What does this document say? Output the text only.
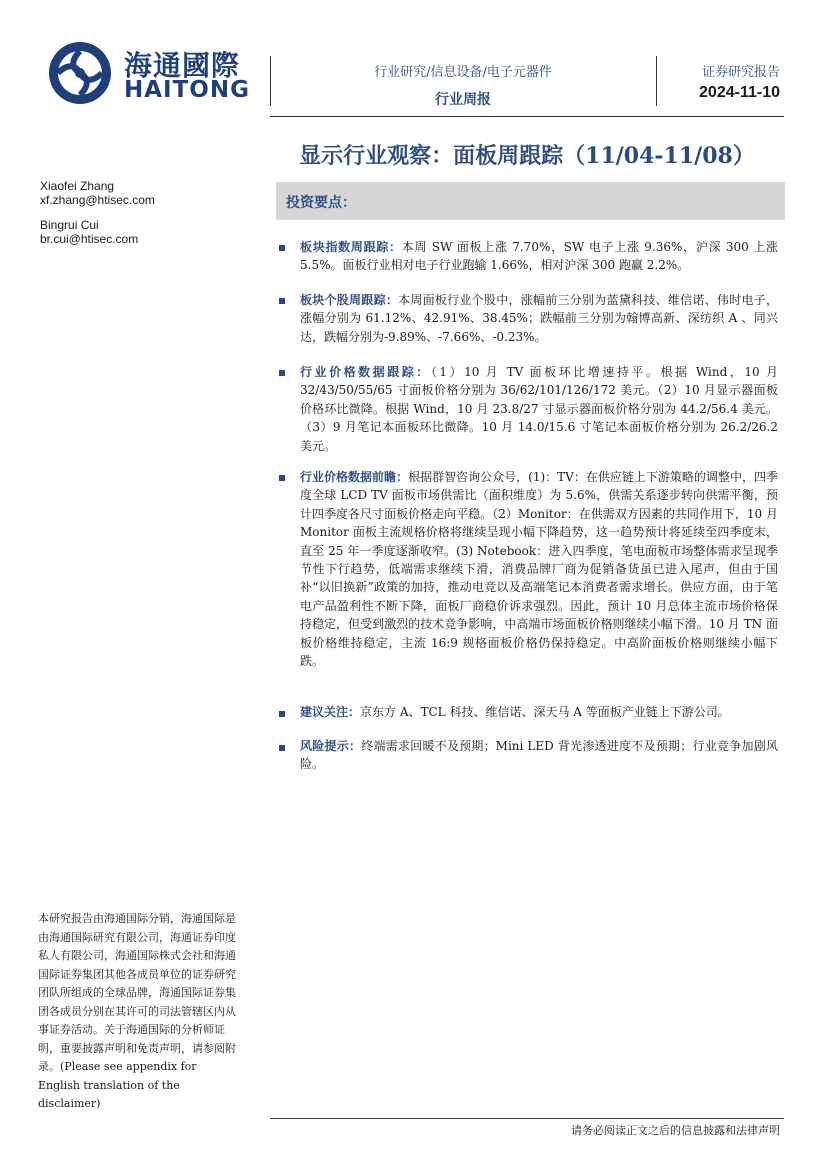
海通國際
HAITONG
行业研究/信息设备/电子元器件
行业周报
证券研究报告
2024-11-10
显示行业观察：面板周跟踪（11/04-11/08）
Xiaofei Zhang
xf.zhang@htisec.com
Bingrui Cui
br.cui@htisec.com
投资要点：
板块指数周跟踪：本周 SW 面板上涨 7.70%，SW 电子上涨 9.36%，沪深 300 上涨 5.5%。面板行业相对电子行业跑输 1.66%，相对沪深 300 跑赢 2.2%。
板块个股周跟踪：本周面板行业个股中，涨幅前三分别为蓝黛科技、维信诺、伟时电子，涨幅分别为 61.12%、42.91%、38.45%；跌幅前三分别为翰博高新、深纺织 A 、同兴达，跌幅分别为-9.89%、-7.66%、-0.23%。
行业价格数据跟踪：（1）10 月 TV 面板环比增速持平。根据 Wind，10 月 32/43/50/55/65 寸面板价格分别为 36/62/101/126/172 美元。（2）10 月显示器面板价格环比微降。根据 Wind，10 月 23.8/27 寸显示器面板价格分别为 44.2/56.4 美元。（3）9 月笔记本面板环比微降。10 月 14.0/15.6 寸笔记本面板价格分别为 26.2/26.2 美元。
行业价格数据前瞻：根据群智咨询公众号，(1)：TV：在供应链上下游策略的调整中，四季度全球 LCD TV 面板市场供需比（面积维度）为 5.6%，供需关系逐步转向供需平衡，预计四季度各尺寸面板价格走向平稳。（2）Monitor：在供需双方因素的共同作用下，10 月 Monitor 面板主流规格价格将继续呈现小幅下降趋势，这一趋势预计将延续至四季度末，直至 25 年一季度逐渐收窄。(3) Notebook：进入四季度，笔电面板市场整体需求呈现季节性下行趋势，低端需求继续下滑，消费品牌厂商为促销备货虽已进入尾声，但由于国补“以旧换新”政策的加持，推动电竞以及高端笔记本消费者需求增长。供应方面，由于笔电产品盈利性不断下降，面板厂商稳价诉求强烈。因此，预计 10 月总体主流市场价格保持稳定，但受到激烈的技术竞争影响，中高端市场面板价格则继续小幅下滑。10 月 TN 面板价格维持稳定，主流 16:9 规格面板价格仍保持稳定。中高阶面板价格则继续小幅下跌。
建议关注：京东方 A、TCL 科技、维信诺、深天马 A 等面板产业链上下游公司。
风险提示：终端需求回暖不及预期；Mini LED 背光渗透进度不及预期；行业竞争加剧风险。
本研究报告由海通国际分销，海通国际是由海通国际研究有限公司，海通证券印度私人有限公司，海通国际株式会社和海通国际证券集团其他各成员单位的证券研究团队所组成的全球品牌，海通国际证券集团各成员分别在其许可的司法管辖区内从事证券活动。关于海通国际的分析师证明，重要披露声明和免责声明，请参阅附录。(Please see appendix for English translation of the disclaimer)
请务必阅读正文之后的信息披露和法律声明
